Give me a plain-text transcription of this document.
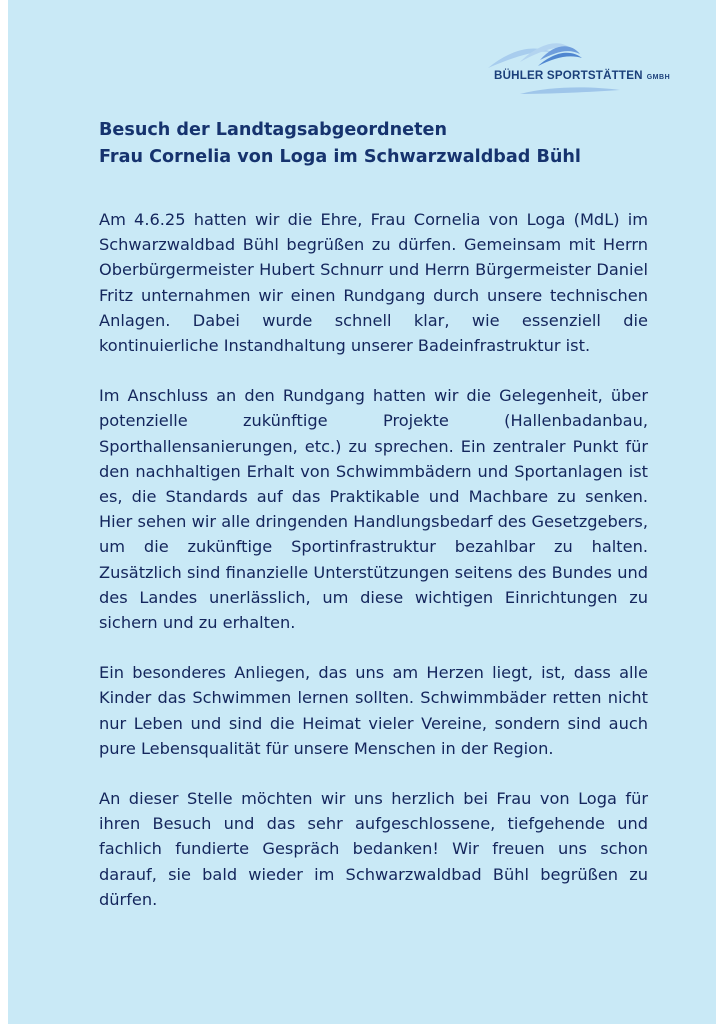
BÜHLER SPORTSTÄTTEN GMBH
Besuch der Landtagsabgeordneten
Frau Cornelia von Loga im Schwarzwaldbad Bühl

Am 4.6.25 hatten wir die Ehre, Frau Cornelia von Loga (MdL) im Schwarzwaldbad Bühl begrüßen zu dürfen. Gemeinsam mit Herrn Oberbürgermeister Hubert Schnurr und Herrn Bürgermeister Daniel Fritz unternahmen wir einen Rundgang durch unsere technischen Anlagen. Dabei wurde schnell klar, wie essenziell die kontinuierliche Instandhaltung unserer Badeinfrastruktur ist.

Im Anschluss an den Rundgang hatten wir die Gelegenheit, über potenzielle zukünftige Projekte (Hallenbadanbau, Sporthallensanierungen, etc.) zu sprechen. Ein zentraler Punkt für den nachhaltigen Erhalt von Schwimmbädern und Sportanlagen ist es, die Standards auf das Praktikable und Machbare zu senken. Hier sehen wir alle dringenden Handlungsbedarf des Gesetzgebers, um die zukünftige Sportinfrastruktur bezahlbar zu halten. Zusätzlich sind finanzielle Unterstützungen seitens des Bundes und des Landes unerlässlich, um diese wichtigen Einrichtungen zu sichern und zu erhalten.

Ein besonderes Anliegen, das uns am Herzen liegt, ist, dass alle Kinder das Schwimmen lernen sollten. Schwimmbäder retten nicht nur Leben und sind die Heimat vieler Vereine, sondern sind auch pure Lebensqualität für unsere Menschen in der Region.

An dieser Stelle möchten wir uns herzlich bei Frau von Loga für ihren Besuch und das sehr aufgeschlossene, tiefgehende und fachlich fundierte Gespräch bedanken! Wir freuen uns schon darauf, sie bald wieder im Schwarzwaldbad Bühl begrüßen zu dürfen.
